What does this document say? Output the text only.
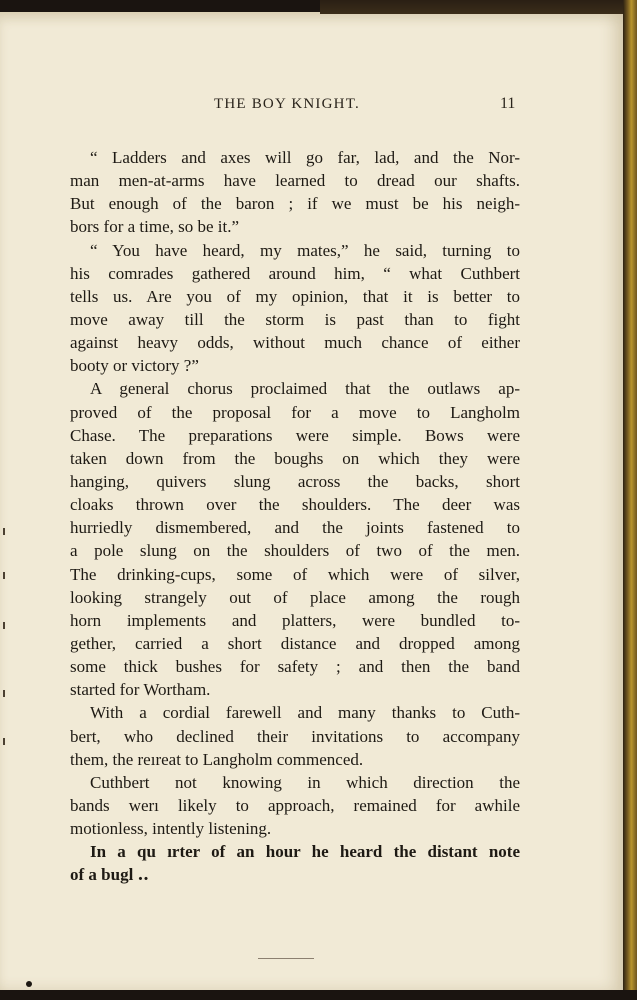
THE BOY KNIGHT.	11
“ Ladders and axes will go far, lad, and the Nor-
man men-at-arms have learned to dread our shafts.
But enough of the baron ; if we must be his neigh-
bors for a time, so be it.”
“ You have heard, my mates,” he said, turning to
his comrades gathered around him, “ what Cuthbert
tells us. Are you of my opinion, that it is better to
move away till the storm is past than to fight
against heavy odds, without much chance of either
booty or victory ?”
A general chorus proclaimed that the outlaws ap-
proved of the proposal for a move to Langholm
Chase. The preparations were simple. Bows were
taken down from the boughs on which they were
hanging, quivers slung across the backs, short
cloaks thrown over the shoulders. The deer was
hurriedly dismembered, and the joints fastened to
a pole slung on the shoulders of two of the men.
The drinking-cups, some of which were of silver,
looking strangely out of place among the rough
horn implements and platters, were bundled to-
gether, carried a short distance and dropped among
some thick bushes for safety ; and then the band
started for Wortham.
With a cordial farewell and many thanks to Cuth-
bert, who declined their invitations to accompany
them, the reıreat to Langholm commenced.
Cuthbert not knowing in which direction the
bands werı likely to approach, remained for awhile
motionless, intently listening.
In a qu ırter of an hour he heard the distant note
of a bugl ‥
